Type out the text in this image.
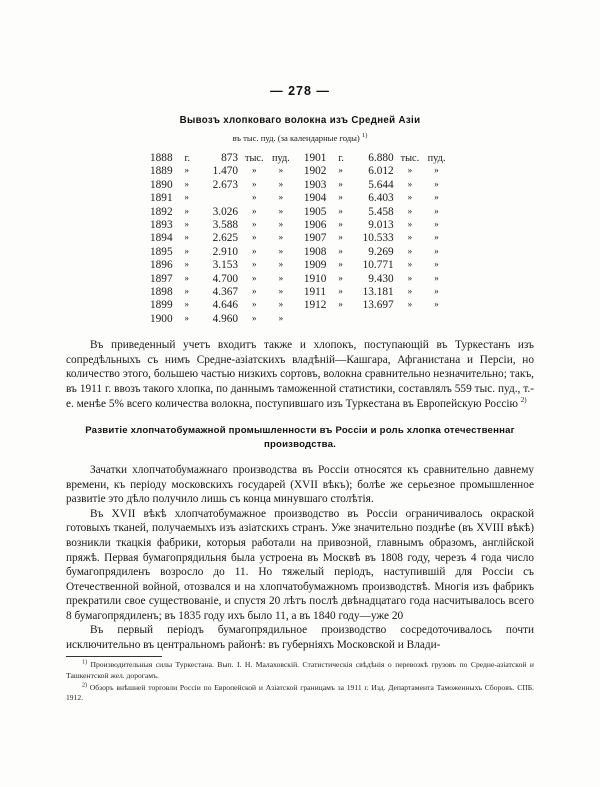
— 278 —
Вывозъ хлопковаго волокна изъ Средней Азіи
въ тыс. пуд. (за календарные годы) $^{1)}$
1888	г.	873	тыс.	пуд.		1901	г.	6.880	тыс.	пуд.
1889	»	1.470	»	»		1902	»	6.012	»	»
1890	»	2.673	»	»		1903	»	5.644	»	»
1891	»		»	»		1904	»	6.403	»	»
1892	»	3.026	»	»		1905	»	5.458	»	»
1893	»	3.588	»	»		1906	»	9.013	»	»
1894	»	2.625	»	»		1907	»	10.533	»	»
1895	»	2.910	»	»		1908	»	9.269	»	»
1896	»	3.153	»	»		1909	»	10.771	»	»
1897	»	4.700	»	»		1910	»	9.430	»	»
1898	»	4.367	»	»		1911	»	13.181	»	»
1899	»	4.646	»	»		1912	»	13.697	»	»
1900	»	4.960	»	»						

Въ приведенный учетъ входитъ также и хлопокъ, поступающій въ Туркестанъ изъ сопредѣльныхъ съ нимъ Средне-азіатскихъ владѣній—Кашгара, Афганистана и Персіи, но количество этого, большею частью низкихъ сортовъ, волокна сравнительно незначительно; такъ, въ 1911 г. ввозъ такого хлопка, по даннымъ таможенной статистики, составлялъ 559 тыс. пуд., т.-е. менѣе 5% всего количества волокна, поступившаго изъ Туркестана въ Европейскую Россію $^{2)}$

Развитіе хлопчатобумажной промышленности въ Россіи и роль хлопка отечественнаг
производства.

Зачатки хлопчатобумажнаго производства въ Россіи относятся къ сравнительно давнему времени, къ періоду московскихъ государей (XVII вѣкъ); болѣе же серьезное промышленное развитіе это дѣло получило лишь съ конца минувшаго столѣтія.

Въ XVII вѣкѣ хлопчатобумажное производство въ Россіи ограничивалось окраской готовыхъ тканей, получаемыхъ изъ азіатскихъ странъ. Уже значительно позднѣе (въ XVIII вѣкѣ) возникли ткацкія фабрики, которыя работали на привозной, главнымъ образомъ, англійской пряжѣ. Первая бумагопрядильня была устроена въ Москвѣ въ 1808 году, черезъ 4 года число бумагопрядиленъ возросло до 11. Но тяжелый періодъ, наступившій для Россіи съ Отечественной войной, отозвался и на хлопчатобумажномъ производствѣ. Многія изъ фабрикъ прекратили свое существованіе, и спустя 20 лѣтъ послѣ двѣнадцатаго года насчитывалось всего 8 бумагопрядиленъ; въ 1835 году ихъ было 11, а въ 1840 году—уже 20

Въ первый періодъ бумагопрядильное производство сосредоточивалось почти исключительно въ центральномъ районѣ: въ губерніяхъ Московской и Влади-

$^{1)}$ Производительныя силы Туркестана. Вып. I. Н. Малаховскій. Статистическія свѣдѣнія о перевозкѣ грузовъ по Средне-азіатской и Ташкентской жел. дорогамъ.

$^{2)}$ Обзоръ внѣшней торговли Россіи по Европейской и Азіатской границамъ за 1911 г. Изд. Департамента Таможенныхъ Сборовъ. СПБ. 1912.
